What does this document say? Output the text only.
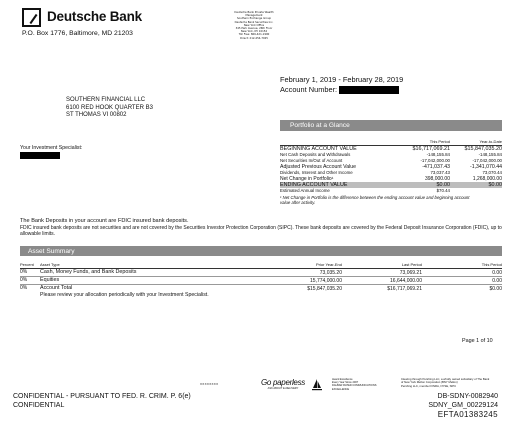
Deutsche Bank
P.O. Box 1776, Baltimore, MD 21203
Deutsche Bank Private Wealth Management
Southern Exchange Group
Deutsche Bank Securities Inc.
New York Office
345 Park Avenue, 26th Floor
New York, NY 10154
Toll Free: 866-421-1990
Direct: 212-454-7025
February 1, 2019 - February 28, 2019
Account Number:
SOUTHERN FINANCIAL LLC
6100 RED HOOK QUARTER B3
ST THOMAS VI 00802
Your Investment Specialist:
Portfolio at a Glance
	This Period	Year-to-Date
BEGINNING ACCOUNT VALUE	$16,717,069.21	$15,847,035.20
Net Cash Deposits and Withdrawals	-148,155.84	-148,155.84
Net Securities In/Out of Account	-17,042,000.00	-17,042,000.00
Adjusted Previous Account Value	-471,037.43	-1,341,070.44
Dividends, Interest and Other Income	73,037.43	73,070.44
Net Change in Portfolio¹	398,000.00	1,268,000.00
ENDING ACCOUNT VALUE	$0.00	$0.00
Estimated Annual Income	$70.44	
¹ Net Change in Portfolio is the difference between the ending account value and beginning account value after activity.
The Bank Deposits in your account are FDIC insured bank deposits.
FDIC insured bank deposits are not securities and are not covered by the Securities Investor Protection Corporation (SIPC). These bank deposits are covered by the Federal Deposit Insurance Corporation (FDIC), up to allowable limits.
Asset Summary
Percent	Asset Type	Prior Year-End	Last Period	This Period
0%	Cash, Money Funds, and Bank Deposits	73,035.20	73,069.21	0.00
0%	Equities	15,774,000.00	16,644,000.00	0.00
0%	Account Total	$15,847,035.20	$16,717,069.21	$0.00
Please review your allocation periodically with your Investment Specialist.
Page 1 of 10
XXXXXXXX	Go paperless
ASK ABOUT E-DELIVERY
Award Excellence
Every Year Since 2007
DALBAR RATED COMMUNICATIONS
EXCELLENCE
Clearing through Pershing LLC, a wholly owned subsidiary of The Bank of New York Mellon Corporation (BNY Mellon)
Pershing LLC, member FINRA, NYSE, SIPC
CONFIDENTIAL - PURSUANT TO FED. R. CRIM. P. 6(e)
CONFIDENTIAL
DB-SDNY-0082940
SDNY_GM_00229124
EFTA01383245
